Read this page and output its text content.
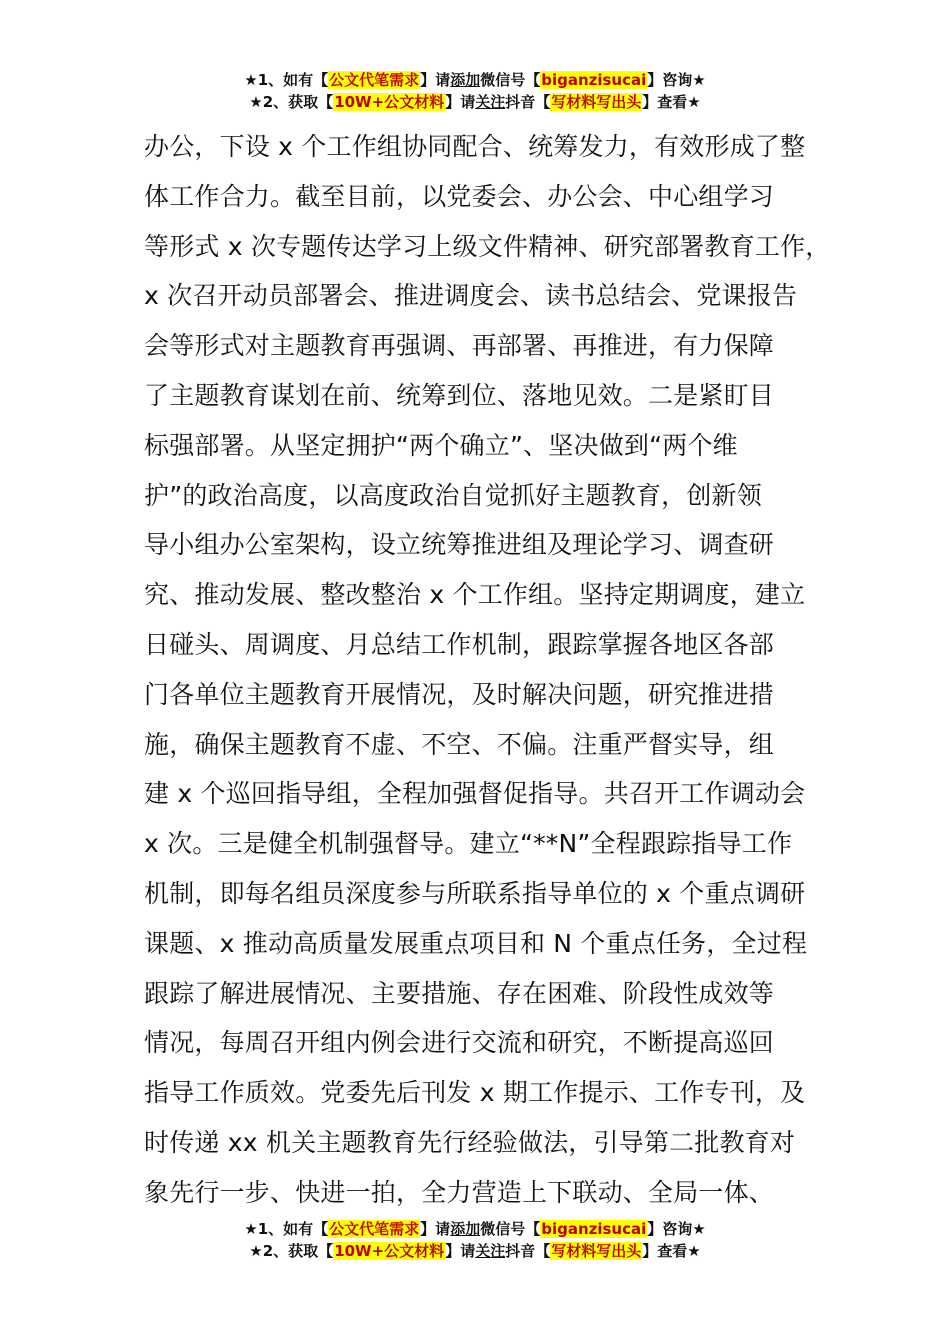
★1、如有【公文代笔需求】请添加微信号【biganzisucai】咨询★
★2、获取【10W+公文材料】请关注抖音【写材料写出头】查看★
办公，下设 x 个工作组协同配合、统筹发力，有效形成了整
体工作合力。截至目前，以党委会、办公会、中心组学习
等形式 x 次专题传达学习上级文件精神、研究部署教育工作，
x 次召开动员部署会、推进调度会、读书总结会、党课报告
会等形式对主题教育再强调、再部署、再推进，有力保障
了主题教育谋划在前、统筹到位、落地见效。二是紧盯目
标强部署。从坚定拥护“两个确立”、坚决做到“两个维
护”的政治高度，以高度政治自觉抓好主题教育，创新领
导小组办公室架构，设立统筹推进组及理论学习、调查研
究、推动发展、整改整治 x 个工作组。坚持定期调度，建立
日碰头、周调度、月总结工作机制，跟踪掌握各地区各部
门各单位主题教育开展情况，及时解决问题，研究推进措
施，确保主题教育不虚、不空、不偏。注重严督实导，组
建 x 个巡回指导组，全程加强督促指导。共召开工作调动会
x 次。三是健全机制强督导。建立“**N”全程跟踪指导工作
机制，即每名组员深度参与所联系指导单位的 x 个重点调研
课题、x 推动高质量发展重点项目和 N 个重点任务，全过程
跟踪了解进展情况、主要措施、存在困难、阶段性成效等
情况，每周召开组内例会进行交流和研究，不断提高巡回
指导工作质效。党委先后刊发 x 期工作提示、工作专刊，及
时传递 xx 机关主题教育先行经验做法，引导第二批教育对
象先行一步、快进一拍，全力营造上下联动、全局一体、
★1、如有【公文代笔需求】请添加微信号【biganzisucai】咨询★
★2、获取【10W+公文材料】请关注抖音【写材料写出头】查看★
